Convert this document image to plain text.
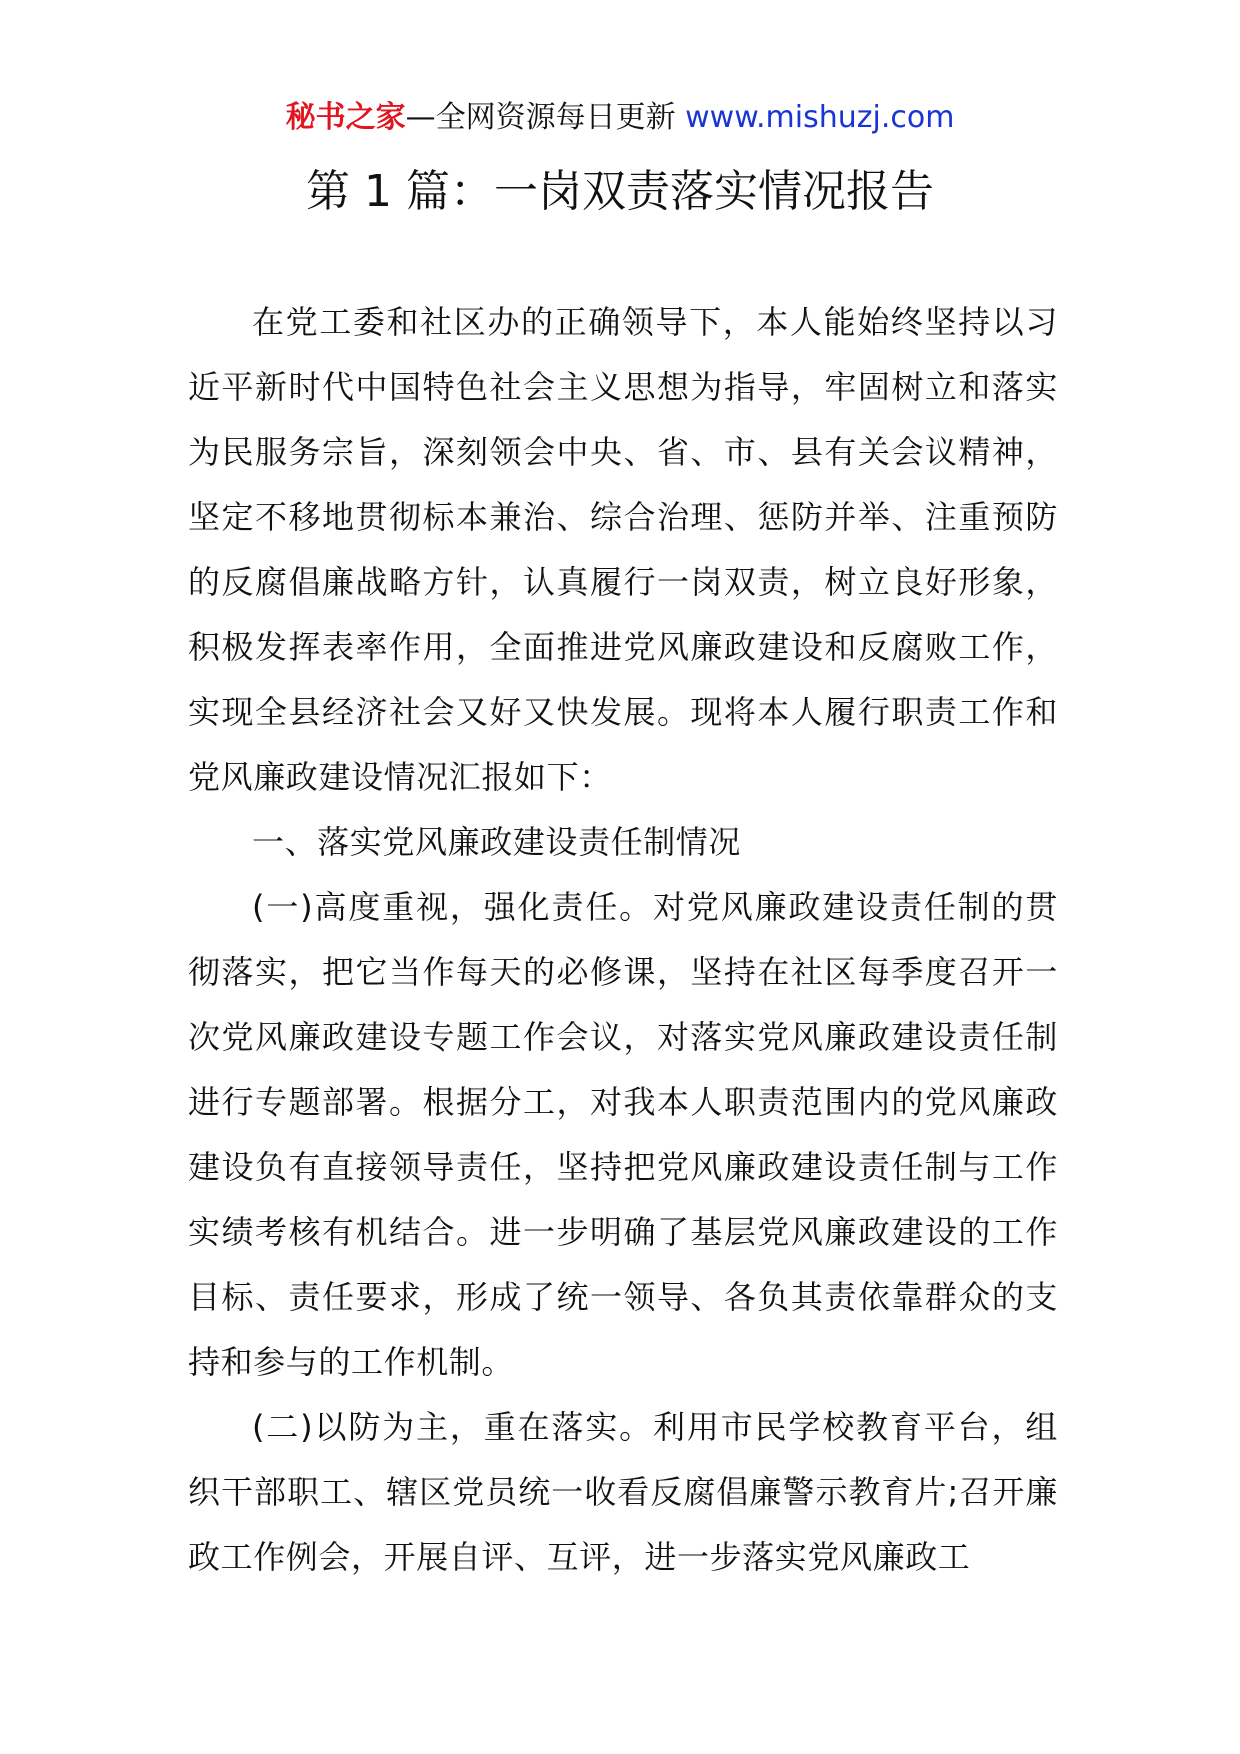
秘书之家—全网资源每日更新 www.mishuzj.com
第 1 篇：一岗双责落实情况报告

在党工委和社区办的正确领导下，本人能始终坚持以习近平新时代中国特色社会主义思想为指导，牢固树立和落实为民服务宗旨，深刻领会中央、省、市、县有关会议精神，坚定不移地贯彻标本兼治、综合治理、惩防并举、注重预防的反腐倡廉战略方针，认真履行一岗双责，树立良好形象，积极发挥表率作用，全面推进党风廉政建设和反腐败工作，实现全县经济社会又好又快发展。现将本人履行职责工作和党风廉政建设情况汇报如下：

一、落实党风廉政建设责任制情况

(一)高度重视，强化责任。对党风廉政建设责任制的贯彻落实，把它当作每天的必修课，坚持在社区每季度召开一次党风廉政建设专题工作会议，对落实党风廉政建设责任制进行专题部署。根据分工，对我本人职责范围内的党风廉政建设负有直接领导责任，坚持把党风廉政建设责任制与工作实绩考核有机结合。进一步明确了基层党风廉政建设的工作目标、责任要求，形成了统一领导、各负其责依靠群众的支持和参与的工作机制。

(二)以防为主，重在落实。利用市民学校教育平台，组织干部职工、辖区党员统一收看反腐倡廉警示教育片;召开廉政工作例会，开展自评、互评，进一步落实党风廉政工
